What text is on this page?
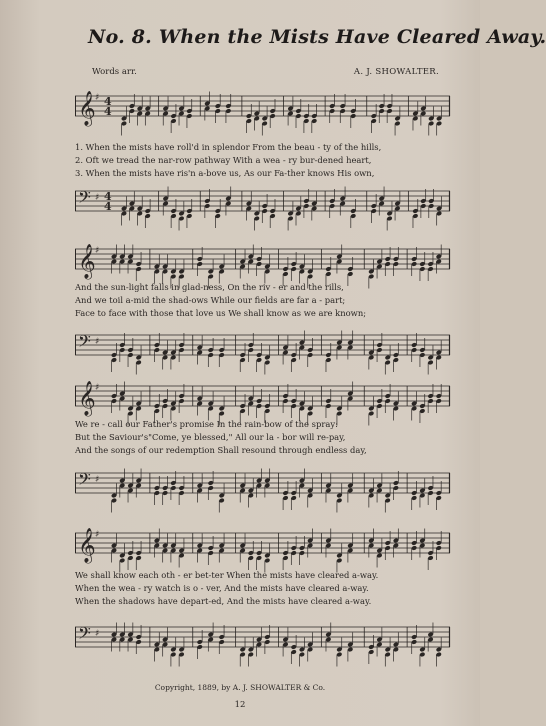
No. 8. When the Mists Have Cleared Away.
Words arr.	A. J. SHOWALTER.
𝄞 ♯ 4
4
1. When the mists have roll'd in splendor From the beau - ty of the hills,
2. Oft we tread the nar-row pathway With a wea - ry bur-dened heart,
3. When the mists have ris'n a-bove us, As our Fa-ther knows His own,
𝄢 ♯ 4
4
𝄞 ♯
And the sun-light falls in glad-ness, On the riv - er and the rills,
And we toil a-mid the shad-ows While our fields are far a - part;
Face to face with those that love us We shall know as we are known;
𝄢 ♯
𝄞 ♯
We re - call our Father's promise In the rain-bow of the spray:
But the Saviour's"Come, ye blessed," All our la - bor will re-pay,
And the songs of our redemption Shall resound through endless day,
𝄢 ♯
𝄞 ♯
We shall know each oth - er bet-ter When the mists have cleared a-way.
When the wea - ry watch is o - ver, And the mists have cleared a-way.
When the shadows have depart-ed, And the mists have cleared a-way.
𝄢 ♯
Copyright, 1889, by A. J. SHOWALTER & Co.
12
